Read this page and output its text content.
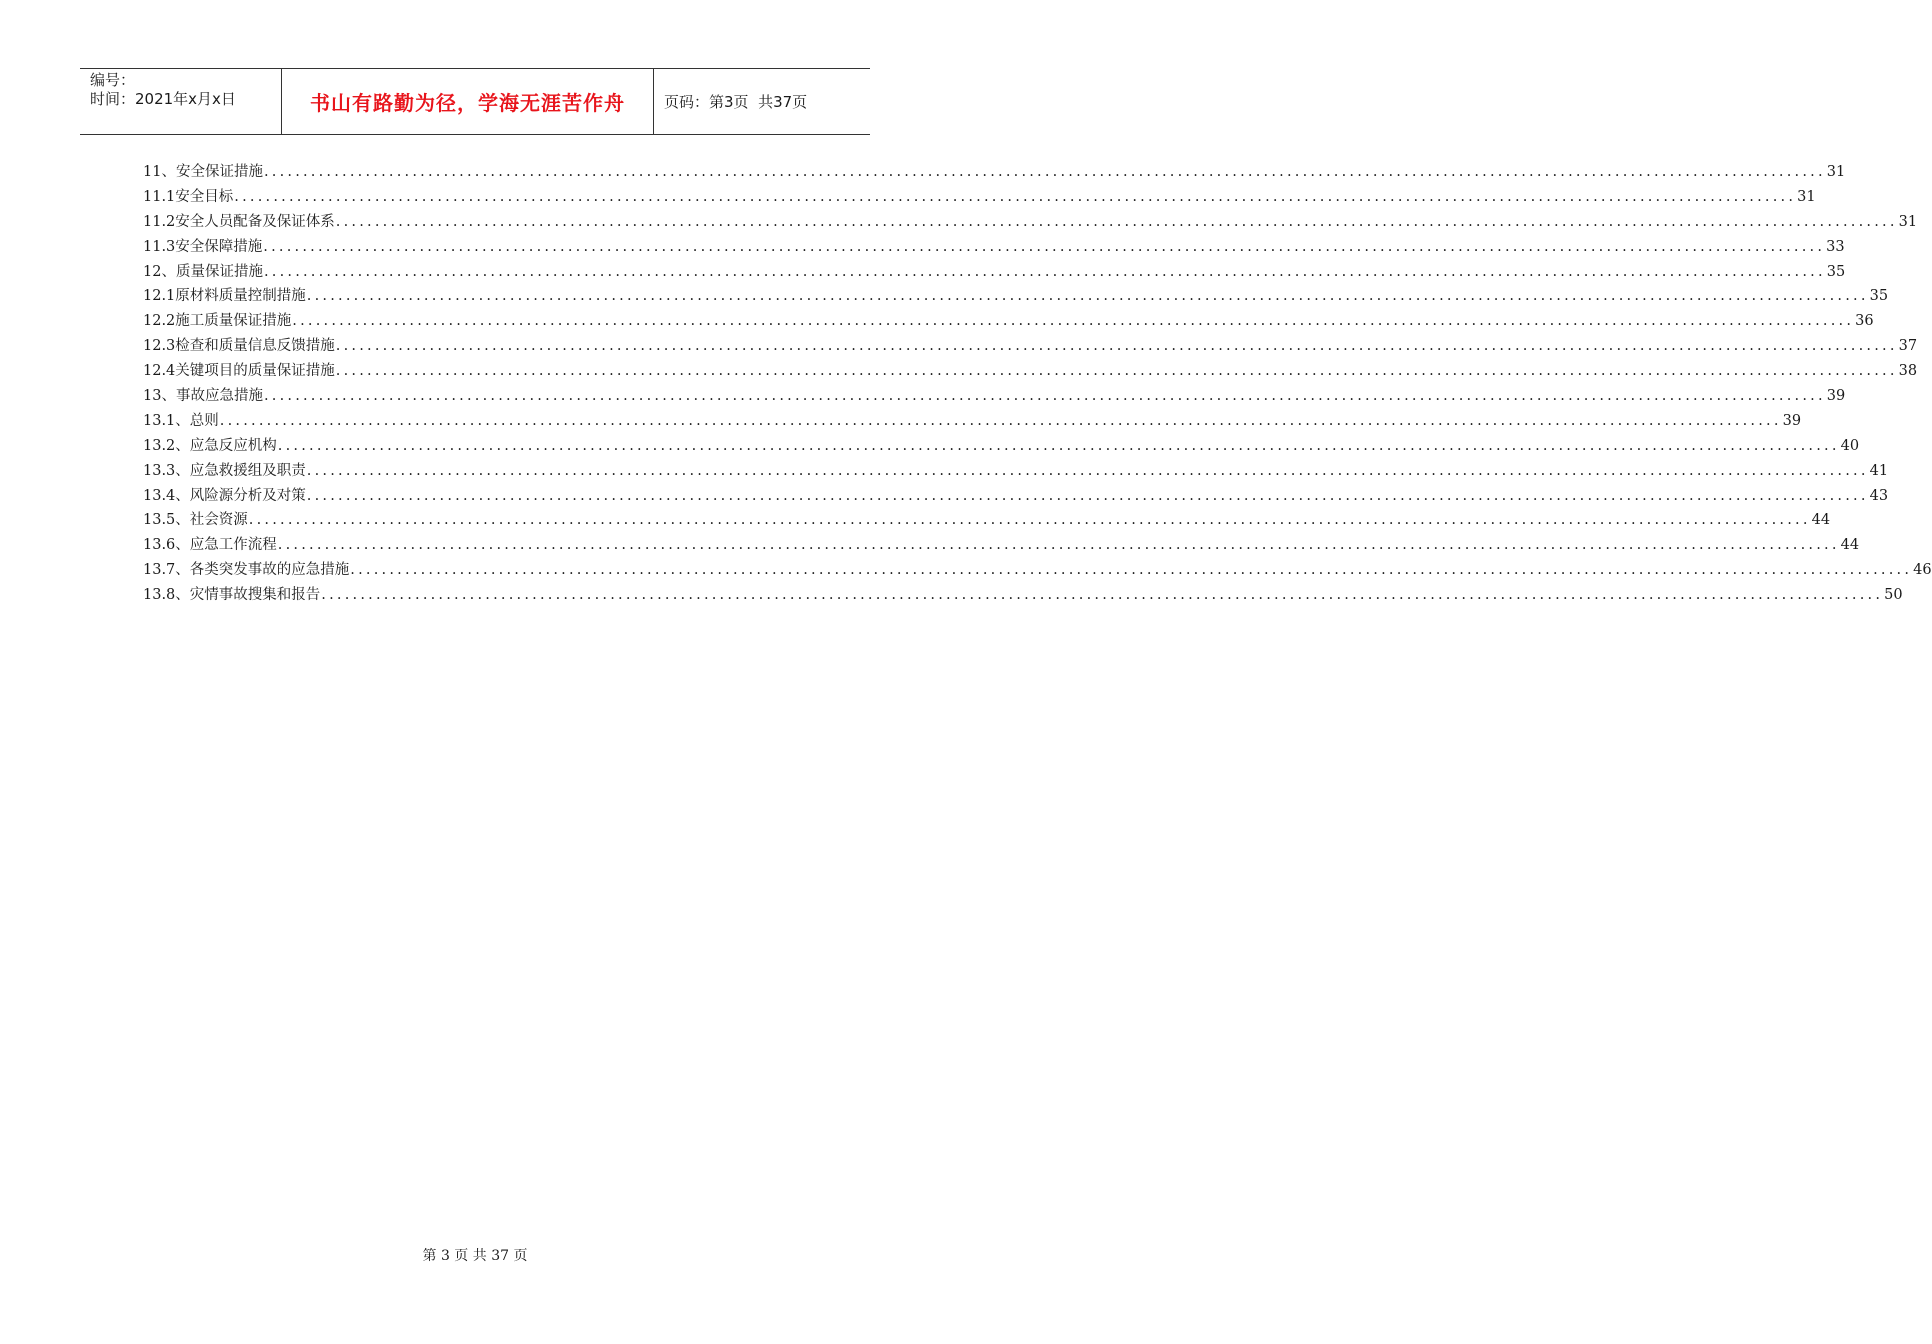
编号：
时间：2021年x月x日	书山有路勤为径，学海无涯苦作舟	页码：第3页  共37页
11、安全保证措施 ........................................................................................................................................................................................................ 31
11.1安全目标 ........................................................................................................................................................................................................ 31
11.2安全人员配备及保证体系 ........................................................................................................................................................................................................ 31
11.3安全保障措施 ........................................................................................................................................................................................................ 33
12、质量保证措施 ........................................................................................................................................................................................................ 35
12.1原材料质量控制措施 ........................................................................................................................................................................................................ 35
12.2施工质量保证措施 ........................................................................................................................................................................................................ 36
12.3检查和质量信息反馈措施 ........................................................................................................................................................................................................ 37
12.4关键项目的质量保证措施 ........................................................................................................................................................................................................ 38
13、事故应急措施 ........................................................................................................................................................................................................ 39
13.1、总则 ........................................................................................................................................................................................................ 39
13.2、应急反应机构 ........................................................................................................................................................................................................ 40
13.3、应急救援组及职责 ........................................................................................................................................................................................................ 41
13.4、风险源分析及对策 ........................................................................................................................................................................................................ 43
13.5、社会资源 ........................................................................................................................................................................................................ 44
13.6、应急工作流程 ........................................................................................................................................................................................................ 44
13.7、各类突发事故的应急措施 ........................................................................................................................................................................................................ 46
13.8、灾情事故搜集和报告 ........................................................................................................................................................................................................ 50
第 3 页 共 37 页
